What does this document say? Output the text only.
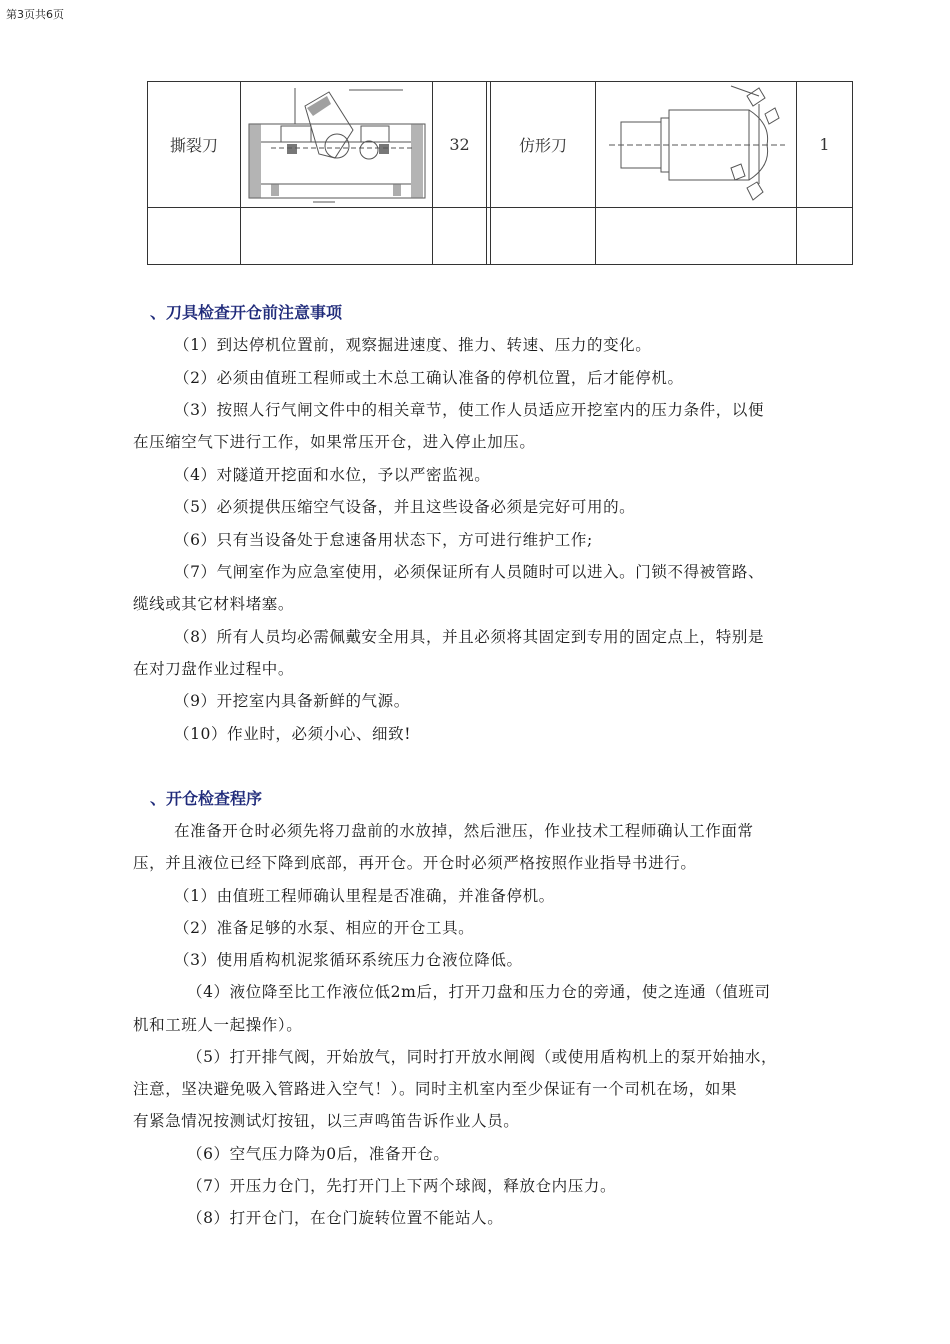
第3页共6页
撕裂刀	32	仿形刀	1
、刀具检查开仓前注意事项
（1）到达停机位置前，观察掘进速度、推力、转速、压力的变化。
（2）必须由值班工程师或土木总工确认准备的停机位置，后才能停机。
（3）按照人行气闸文件中的相关章节，使工作人员适应开挖室内的压力条件，以便
在压缩空气下进行工作，如果常压开仓，进入停止加压。
（4）对隧道开挖面和水位，予以严密监视。
（5）必须提供压缩空气设备，并且这些设备必须是完好可用的。
（6）只有当设备处于怠速备用状态下，方可进行维护工作;
（7）气闸室作为应急室使用，必须保证所有人员随时可以进入。门锁不得被管路、
缆线或其它材料堵塞。
（8）所有人员均必需佩戴安全用具，并且必须将其固定到专用的固定点上，特别是
在对刀盘作业过程中。
（9）开挖室内具备新鲜的气源。
（10）作业时，必须小心、细致!
、开仓检查程序
在准备开仓时必须先将刀盘前的水放掉，然后泄压，作业技术工程师确认工作面常
压，并且液位已经下降到底部，再开仓。开仓时必须严格按照作业指导书进行。
（1）由值班工程师确认里程是否准确，并准备停机。
（2）准备足够的水泵、相应的开仓工具。
（3）使用盾构机泥浆循环系统压力仓液位降低。
（4）液位降至比工作液位低2m后，打开刀盘和压力仓的旁通，使之连通（值班司
机和工班人一起操作）。
（5）打开排气阀，开始放气，同时打开放水闸阀（或使用盾构机上的泵开始抽水，
注意，坚决避免吸入管路进入空气！）。同时主机室内至少保证有一个司机在场，如果
有紧急情况按测试灯按钮，以三声鸣笛告诉作业人员。
（6）空气压力降为0后，准备开仓。
（7）开压力仓门，先打开门上下两个球阀，释放仓内压力。
（8）打开仓门，在仓门旋转位置不能站人。
